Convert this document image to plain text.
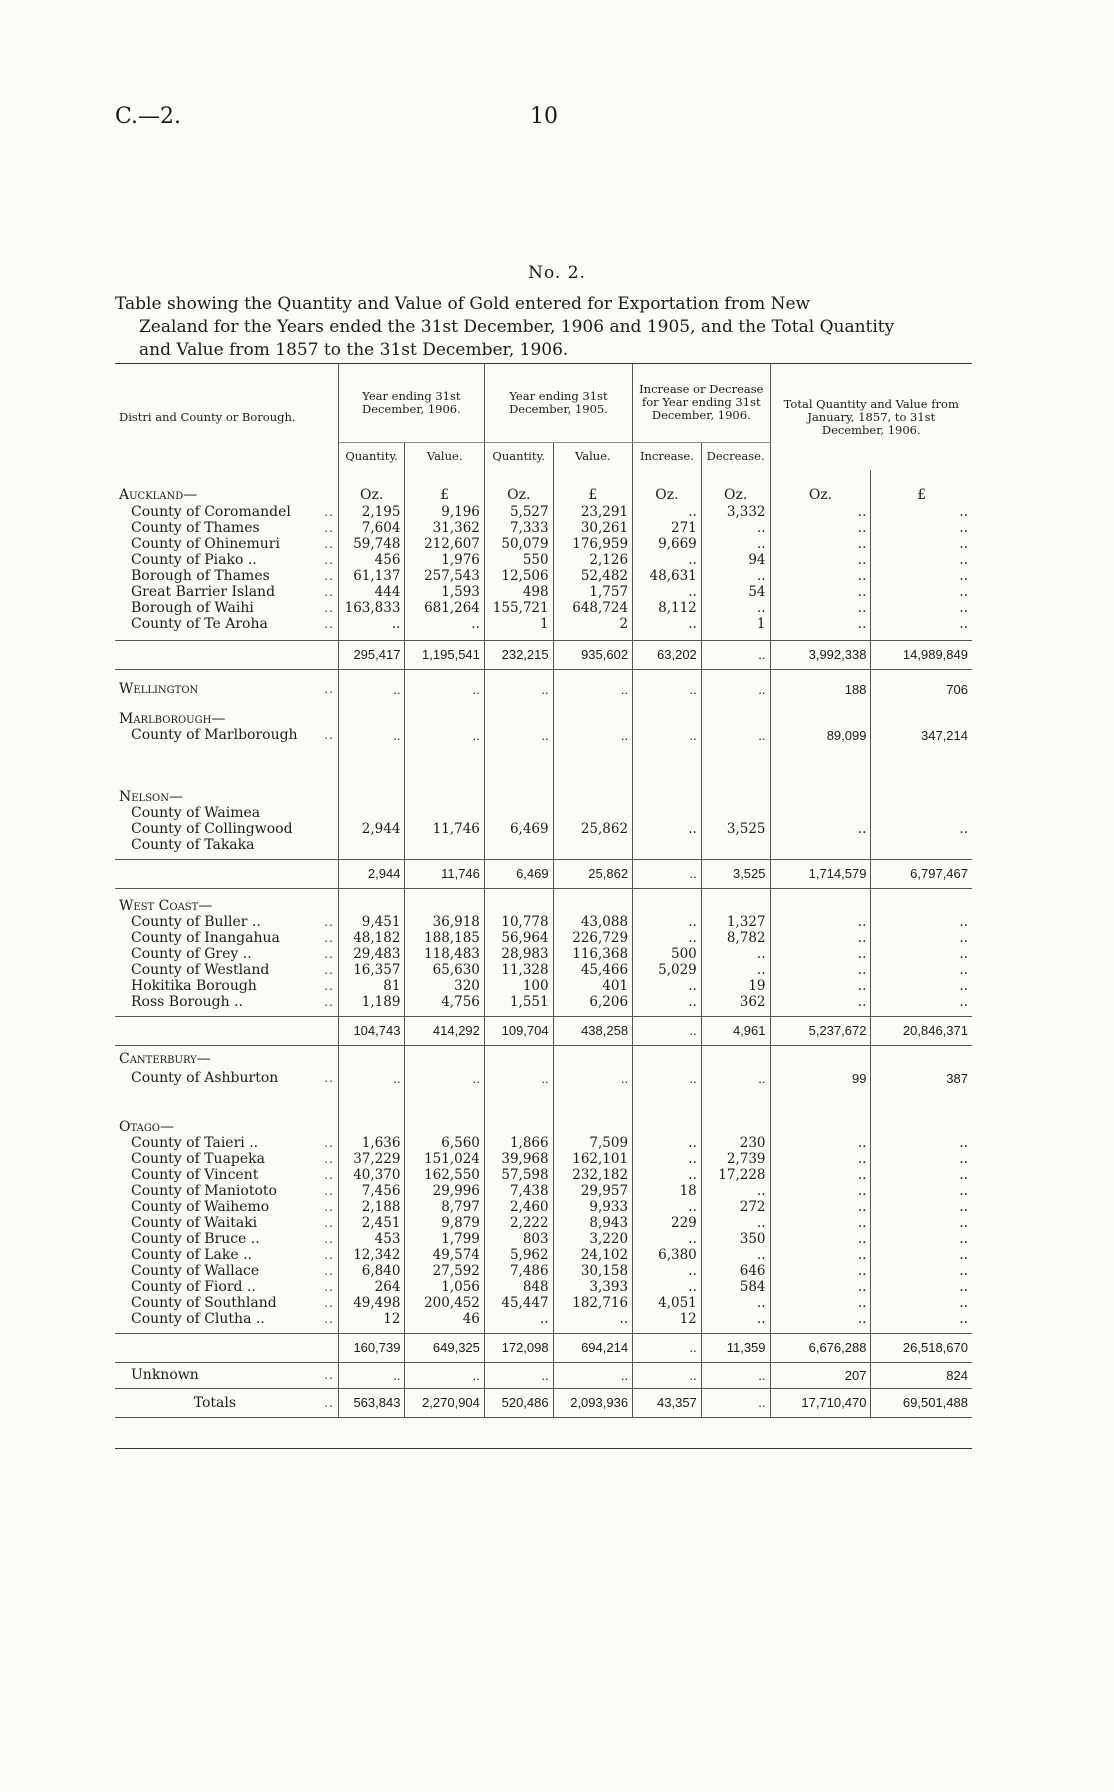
C.—2.	10
No. 2.
Table showing the Quantity and Value of Gold entered for Exportation from New
Zealand for the Years ended the 31st December, 1906 and 1905, and the Total Quantity
and Value from 1857 to the 31st December, 1906.
Distri and County or Borough.		Year ending 31st December, 1906.		Year ending 31st December, 1905.		Increase or Decrease for Year ending 31st December, 1906.		Total Quantity and Value from January, 1857, to 31st December, 1906.	
		Quantity.	Value.	Quantity.	Value.	Increase.	Decrease.		

Auckland—		Oz.	£	Oz.	£	Oz.	Oz.	Oz.	£
County of Coromandel	..	2,195	9,196	5,527	23,291	..	3,332	..	..
County of Thames	..	7,604	31,362	7,333	30,261	271	..	..	..
County of Ohinemuri	..	59,748	212,607	50,079	176,959	9,669	..	..	..
County of Piako ..	..	456	1,976	550	2,126	..	94	..	..
Borough of Thames	..	61,137	257,543	12,506	52,482	48,631	..	..	..
Great Barrier Island	..	444	1,593	498	1,757	..	54	..	..
Borough of Waihi	..	163,833	681,264	155,721	648,724	8,112	..	..	..
County of Te Aroha	..	..	..	1	2	..	1	..	..

		295,417	1,195,541	232,215	935,602	63,202	..	3,992,338	14,989,849

Wellington	..	..	..	..	..	..	..	188	706

Marlborough—									
County of Marlborough	..	..	..	..	..	..	..	89,099	347,214

Nelson—									
County of Waimea									
County of Collingwood		2,944	11,746	6,469	25,862	..	3,525	..	..
County of Takaka									

		2,944	11,746	6,469	25,862	..	3,525	1,714,579	6,797,467

West Coast—									
County of Buller ..	..	9,451	36,918	10,778	43,088	..	1,327	..	..
County of Inangahua	..	48,182	188,185	56,964	226,729	..	8,782	..	..
County of Grey ..	..	29,483	118,483	28,983	116,368	500	..	..	..
County of Westland	..	16,357	65,630	11,328	45,466	5,029	..	..	..
Hokitika Borough	..	81	320	100	401	..	19	..	..
Ross Borough ..	..	1,189	4,756	1,551	6,206	..	362	..	..

		104,743	414,292	109,704	438,258	..	4,961	5,237,672	20,846,371

Canterbury—									
County of Ashburton	..	..	..	..	..	..	..	99	387

Otago—									
County of Taieri ..	..	1,636	6,560	1,866	7,509	..	230	..	..
County of Tuapeka	..	37,229	151,024	39,968	162,101	..	2,739	..	..
County of Vincent	..	40,370	162,550	57,598	232,182	..	17,228	..	..
County of Maniototo	..	7,456	29,996	7,438	29,957	18	..	..	..
County of Waihemo	..	2,188	8,797	2,460	9,933	..	272	..	..
County of Waitaki	..	2,451	9,879	2,222	8,943	229	..	..	..
County of Bruce ..	..	453	1,799	803	3,220	..	350	..	..
County of Lake ..	..	12,342	49,574	5,962	24,102	6,380	..	..	..
County of Wallace	..	6,840	27,592	7,486	30,158	..	646	..	..
County of Fiord ..	..	264	1,056	848	3,393	..	584	..	..
County of Southland	..	49,498	200,452	45,447	182,716	4,051	..	..	..
County of Clutha ..	..	12	46	..	..	12	..	..	..

		160,739	649,325	172,098	694,214	..	11,359	6,676,288	26,518,670
Unknown	..	..	..	..	..	..	..	207	824
Totals	..	563,843	2,270,904	520,486	2,093,936	43,357	..	17,710,470	69,501,488
